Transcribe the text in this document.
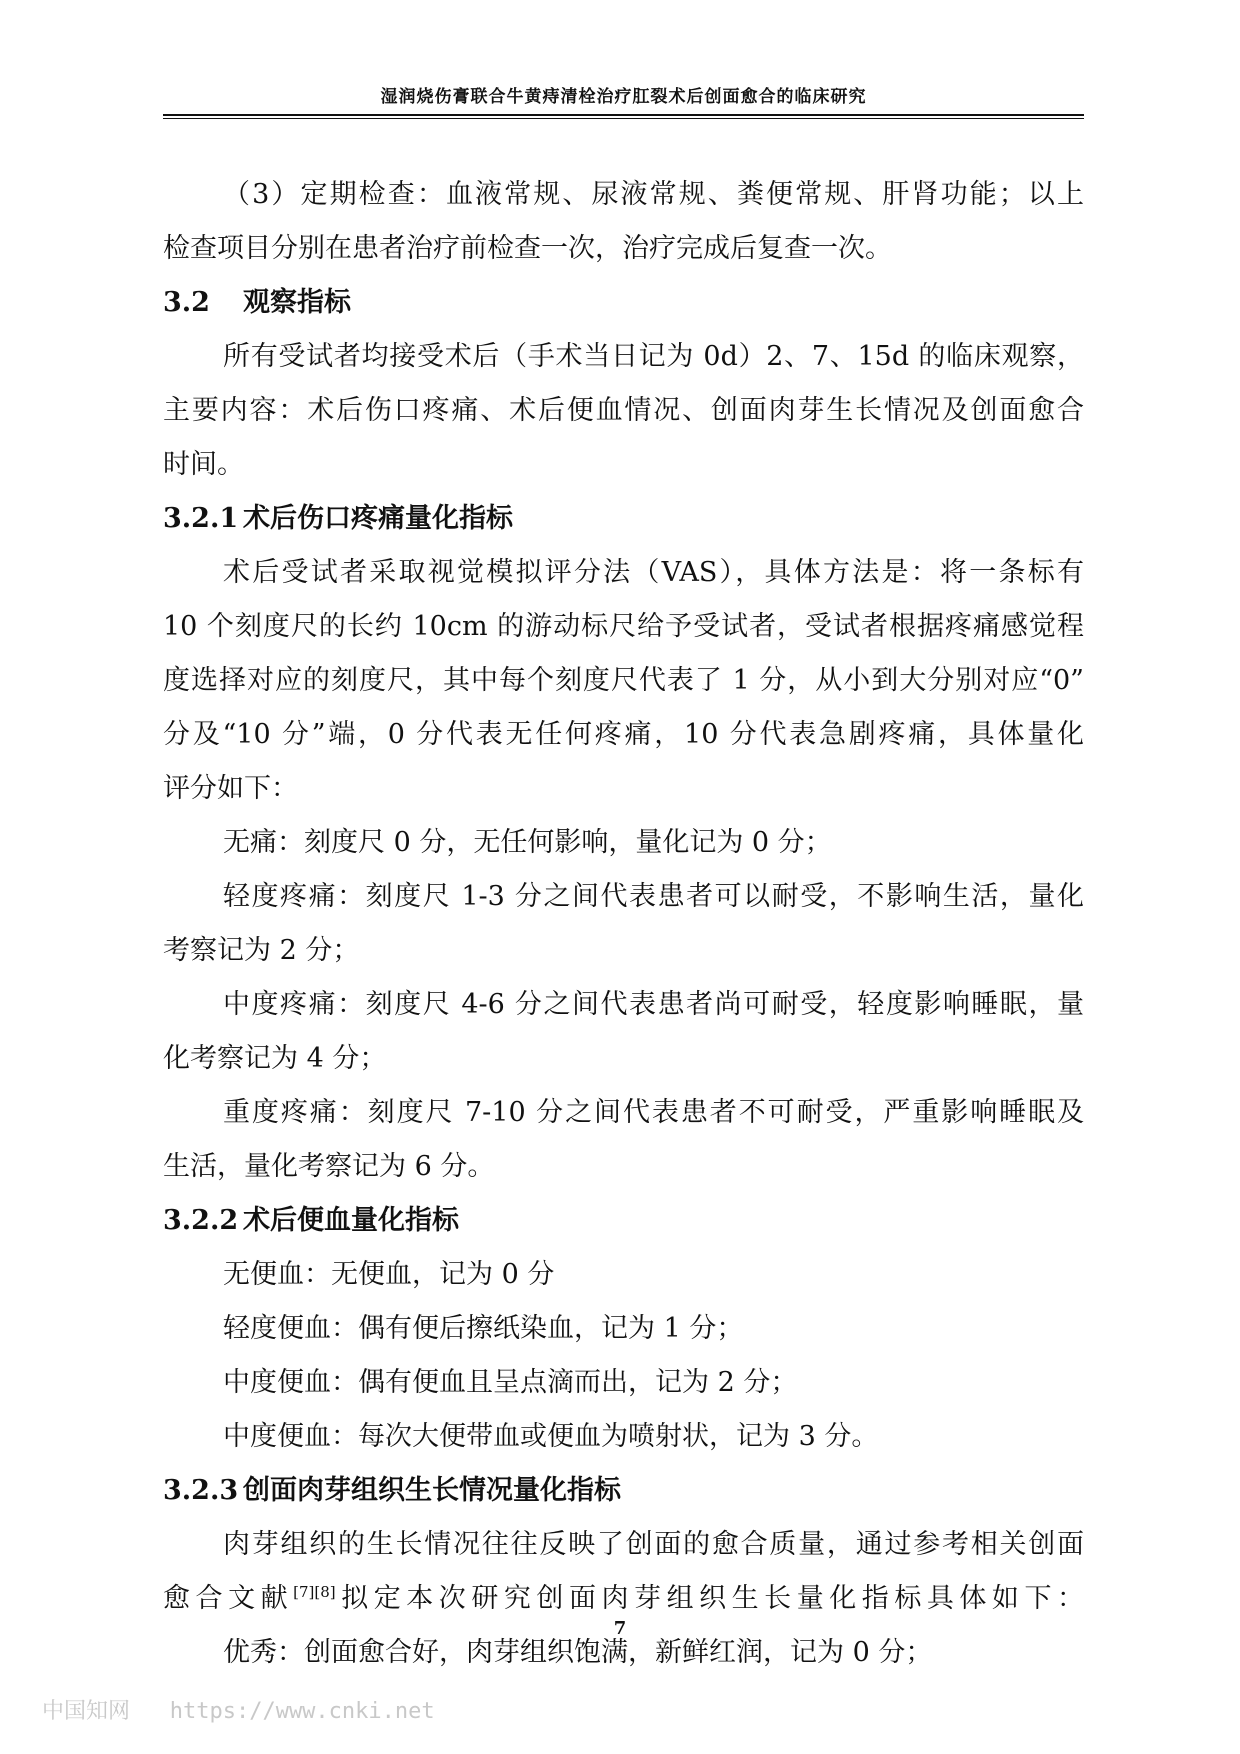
湿润烧伤膏联合牛黄痔清栓治疗肛裂术后创面愈合的临床研究
（3）定期检查：血液常规、尿液常规、粪便常规、肝肾功能；以上
检查项目分别在患者治疗前检查一次，治疗完成后复查一次。
3.2 观察指标
所有受试者均接受术后（手术当日记为 0d）2、7、15d 的临床观察，
主要内容：术后伤口疼痛、术后便血情况、创面肉芽生长情况及创面愈合
时间。
3.2.1 术后伤口疼痛量化指标
术后受试者采取视觉模拟评分法（VAS），具体方法是：将一条标有
10 个刻度尺的长约 10cm 的游动标尺给予受试者，受试者根据疼痛感觉程
度选择对应的刻度尺，其中每个刻度尺代表了 1 分，从小到大分别对应“0”
分及“10 分”端，0 分代表无任何疼痛，10 分代表急剧疼痛，具体量化
评分如下：
无痛：刻度尺 0 分，无任何影响，量化记为 0 分；
轻度疼痛：刻度尺 1-3 分之间代表患者可以耐受，不影响生活，量化
考察记为 2 分；
中度疼痛：刻度尺 4-6 分之间代表患者尚可耐受，轻度影响睡眠，量
化考察记为 4 分；
重度疼痛：刻度尺 7-10 分之间代表患者不可耐受，严重影响睡眠及
生活，量化考察记为 6 分。
3.2.2 术后便血量化指标
无便血：无便血，记为 0 分
轻度便血：偶有便后擦纸染血，记为 1 分；
中度便血：偶有便血且呈点滴而出，记为 2 分；
中度便血：每次大便带血或便血为喷射状，记为 3 分。
3.2.3 创面肉芽组织生长情况量化指标
肉芽组织的生长情况往往反映了创面的愈合质量，通过参考相关创面
愈合文献[7][8]拟定本次研究创面肉芽组织生长量化指标具体如下：
优秀：创面愈合好，肉芽组织饱满，新鲜红润，记为 0 分；
7
中国知网   https://www.cnki.net
